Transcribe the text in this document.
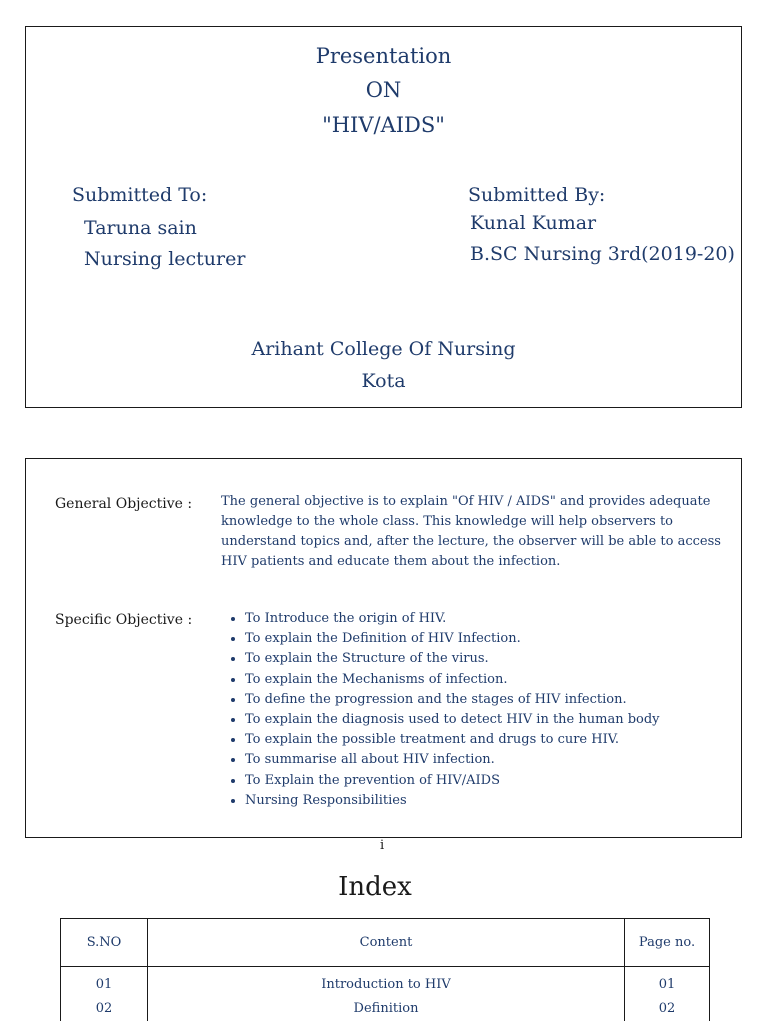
Presentation
ON
"HIV/AIDS"
Submitted To:
Taruna sain
Nursing lecturer
Submitted By:
Kunal Kumar
B.SC Nursing 3rd(2019-20)
Arihant College Of Nursing
Kota
General Objective : The general objective is to explain "Of HIV / AIDS" and provides adequate knowledge to the whole class. This knowledge will help observers to understand topics and, after the lecture, the observer will be able to access HIV patients and educate them about the infection.
Specific Objective :	• To Introduce the origin of HIV.
• To explain the Definition of HIV Infection.
• To explain the Structure of the virus.
• To explain the Mechanisms of infection.
• To define the progression and the stages of HIV infection.
• To explain the diagnosis used to detect HIV in the human body
• To explain the possible treatment and drugs to cure HIV.
• To summarise all about HIV infection.
• To Explain the prevention of HIV/AIDS
• Nursing Responsibilities
i
Index
S.NO	Content	Page no.
01	Introduction to HIV	01
02	Definition	02
